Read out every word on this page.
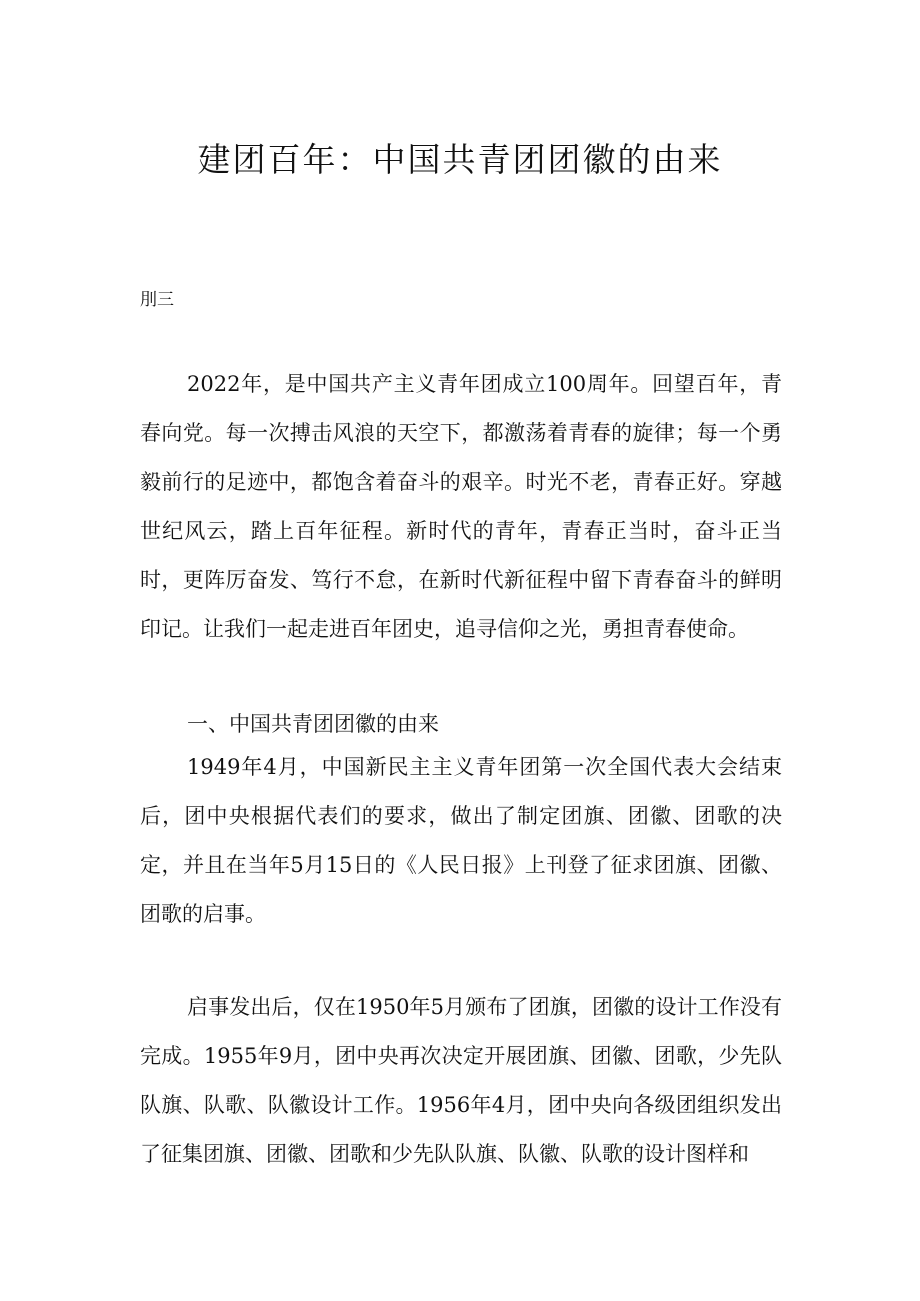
建团百年：中国共青团团徽的由来

刖三

2022年，是中国共产主义青年团成立100周年。回望百年，青春向党。每一次搏击风浪的天空下，都激荡着青春的旋律；每一个勇毅前行的足迹中，都饱含着奋斗的艰辛。时光不老，青春正好。穿越世纪风云，踏上百年征程。新时代的青年，青春正当时，奋斗正当时，更阵厉奋发、笃行不怠，在新时代新征程中留下青春奋斗的鲜明印记。让我们一起走进百年团史，追寻信仰之光，勇担青春使命。

一、中国共青团团徽的由来

1949年4月，中国新民主主义青年团第一次全国代表大会结束后，团中央根据代表们的要求，做出了制定团旗、团徽、团歌的决定，并且在当年5月15日的《人民日报》上刊登了征求团旗、团徽、团歌的启事。

启事发出后，仅在1950年5月颁布了团旗，团徽的设计工作没有完成。1955年9月，团中央再次决定开展团旗、团徽、团歌，少先队队旗、队歌、队徽设计工作。1956年4月，团中央向各级团组织发出了征集团旗、团徽、团歌和少先队队旗、队徽、队歌的设计图样和
